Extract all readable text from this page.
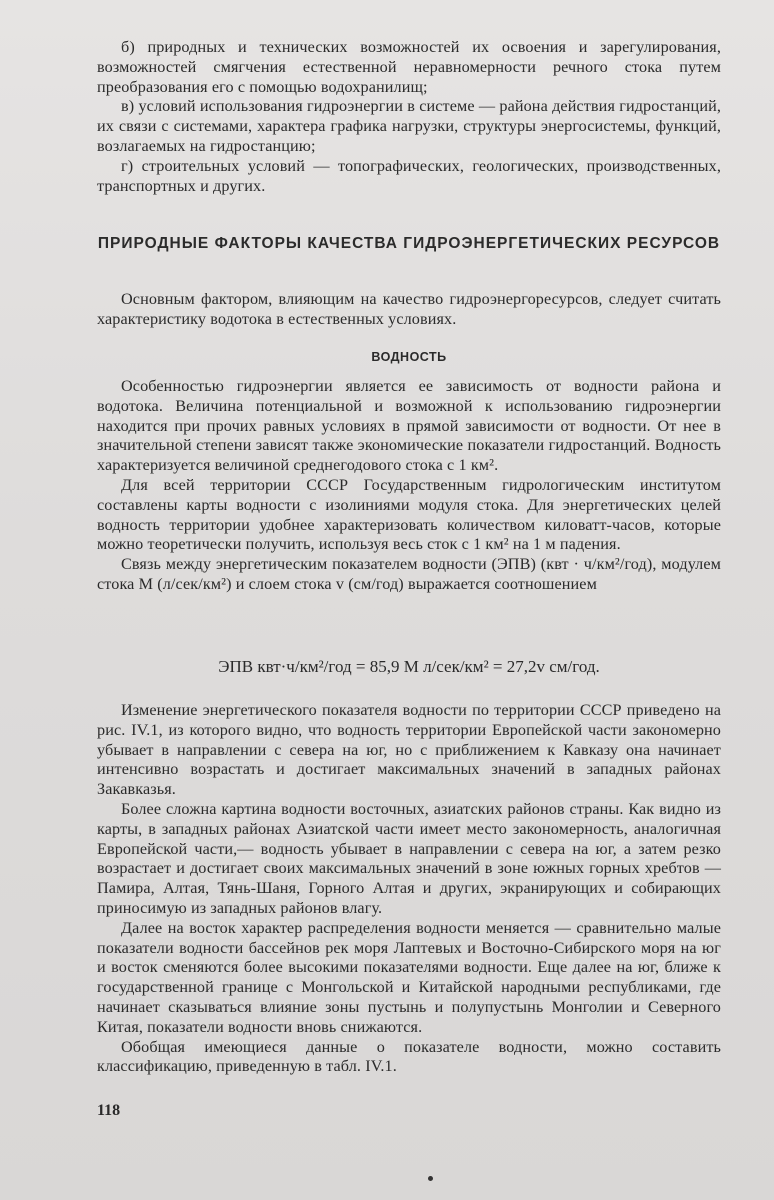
б) природных и технических возможностей их освоения и зарегулирования, возможностей смягчения естественной неравномерности речного стока путем преобразования его с помощью водохранилищ;

в) условий использования гидроэнергии в системе — района действия гидростанций, их связи с системами, характера графика нагрузки, структуры энергосистемы, функций, возлагаемых на гидростанцию;

г) строительных условий — топографических, геологических, производственных, транспортных и других.

ПРИРОДНЫЕ ФАКТОРЫ КАЧЕСТВА ГИДРОЭНЕРГЕТИЧЕСКИХ РЕСУРСОВ

Основным фактором, влияющим на качество гидроэнергоресурсов, следует считать характеристику водотока в естественных условиях.

ВОДНОСТЬ

Особенностью гидроэнергии является ее зависимость от водности района и водотока. Величина потенциальной и возможной к использованию гидроэнергии находится при прочих равных условиях в прямой зависимости от водности. От нее в значительной степени зависят также экономические показатели гидростанций. Водность характеризуется величиной среднегодового стока с 1 км².

Для всей территории СССР Государственным гидрологическим институтом составлены карты водности с изолиниями модуля стока. Для энергетических целей водность территории удобнее характеризовать количеством киловатт-часов, которые можно теоретически получить, используя весь сток с 1 км² на 1 м падения.

Связь между энергетическим показателем водности (ЭПВ) (квт · ч/км²/год), модулем стока М (л/сек/км²) и слоем стока v (см/год) выражается соотношением

ЭПВ квт·ч/км²/год = 85,9 М л/сек/км² = 27,2v см/год.

Изменение энергетического показателя водности по территории СССР приведено на рис. IV.1, из которого видно, что водность территории Европейской части закономерно убывает в направлении с севера на юг, но с приближением к Кавказу она начинает интенсивно возрастать и достигает максимальных значений в западных районах Закавказья.

Более сложна картина водности восточных, азиатских районов страны. Как видно из карты, в западных районах Азиатской части имеет место закономерность, аналогичная Европейской части,— водность убывает в направлении с севера на юг, а затем резко возрастает и достигает своих максимальных значений в зоне южных горных хребтов — Памира, Алтая, Тянь-Шаня, Горного Алтая и других, экранирующих и собирающих приносимую из западных районов влагу.

Далее на восток характер распределения водности меняется — сравнительно малые показатели водности бассейнов рек моря Лаптевых и Восточно-Сибирского моря на юг и восток сменяются более высокими показателями водности. Еще далее на юг, ближе к государственной границе с Монгольской и Китайской народными республиками, где начинает сказываться влияние зоны пустынь и полупустынь Монголии и Северного Китая, показатели водности вновь снижаются.

Обобщая имеющиеся данные о показателе водности, можно составить классификацию, приведенную в табл. IV.1.

118
